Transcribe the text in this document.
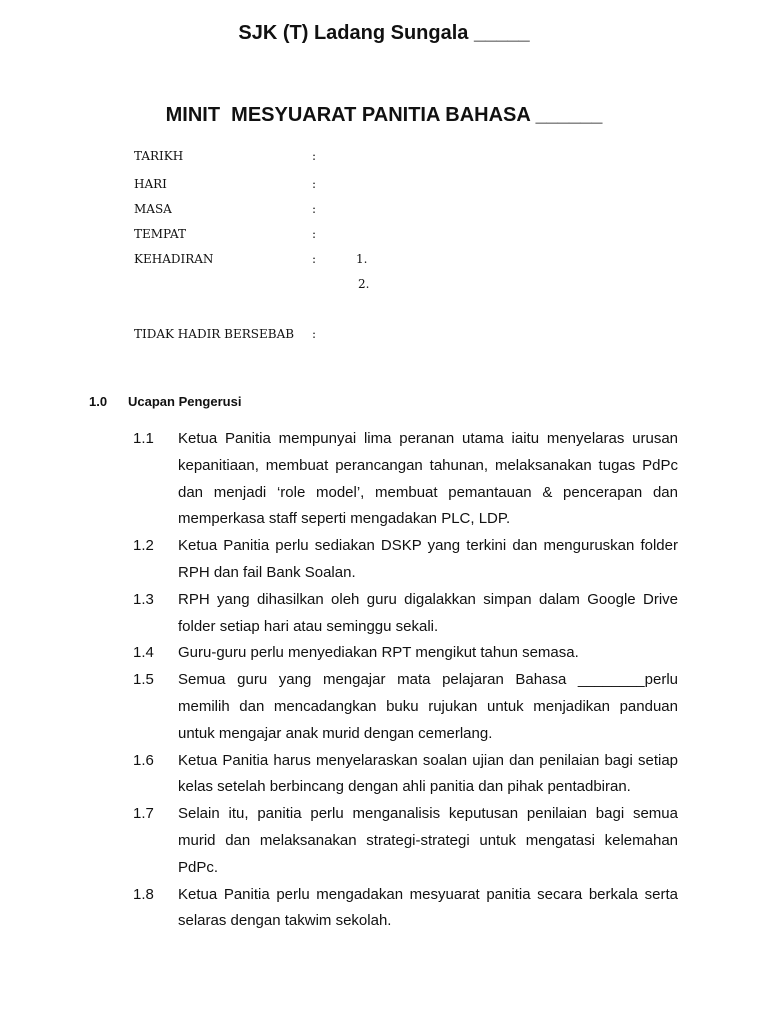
SJK (T) Ladang Sungala _____
MINIT  MESYUARAT PANITIA BAHASA ______
TARIKH	:
HARI	:
MASA	:
TEMPAT	:
KEHADIRAN	:	1.
2.
TIDAK HADIR BERSEBAB :
1.0 Ucapan Pengerusi
1.1 Ketua Panitia mempunyai lima peranan utama iaitu menyelaras urusan kepanitiaan, membuat perancangan tahunan, melaksanakan tugas PdPc dan menjadi ‘role model’, membuat pemantauan & pencerapan dan memperkasa staff seperti mengadakan PLC, LDP.
1.2 Ketua Panitia perlu sediakan DSKP yang terkini dan menguruskan folder RPH dan fail Bank Soalan.
1.3 RPH yang dihasilkan oleh guru digalakkan simpan dalam Google Drive folder setiap hari atau seminggu sekali.
1.4 Guru-guru perlu menyediakan RPT mengikut tahun semasa.
1.5 Semua guru yang mengajar mata pelajaran Bahasa ________perlu memilih dan mencadangkan buku rujukan untuk menjadikan panduan untuk mengajar anak murid dengan cemerlang.
1.6 Ketua Panitia harus menyelaraskan soalan ujian dan penilaian bagi setiap kelas setelah berbincang dengan ahli panitia dan pihak pentadbiran.
1.7 Selain itu, panitia perlu menganalisis keputusan penilaian bagi semua murid dan melaksanakan strategi-strategi untuk mengatasi kelemahan PdPc.
1.8 Ketua Panitia perlu mengadakan mesyuarat panitia secara berkala serta selaras dengan takwim sekolah.
